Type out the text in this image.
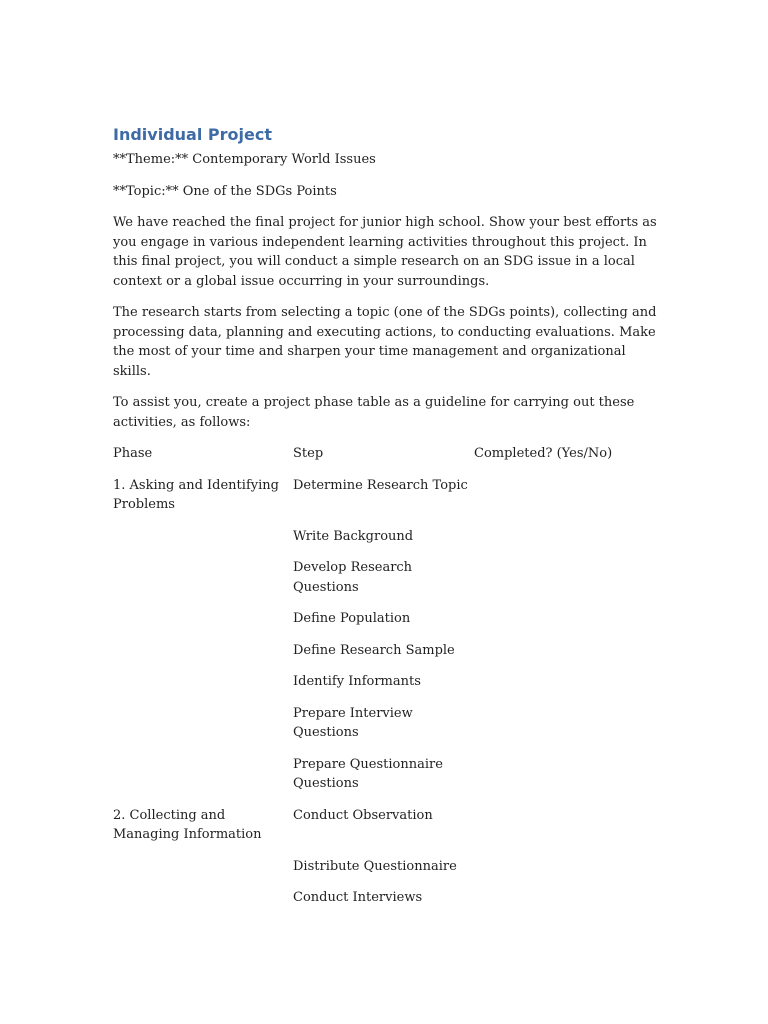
Individual Project

**Theme:** Contemporary World Issues

**Topic:** One of the SDGs Points

We have reached the final project for junior high school. Show your best efforts as you engage in various independent learning activities throughout this project. In this final project, you will conduct a simple research on an SDG issue in a local context or a global issue occurring in your surroundings.

The research starts from selecting a topic (one of the SDGs points), collecting and processing data, planning and executing actions, to conducting evaluations. Make the most of your time and sharpen your time management and organizational skills.

To assist you, create a project phase table as a guideline for carrying out these activities, as follows:

Phase	Step	Completed? (Yes/No)
1. Asking and Identifying Problems
Determine Research Topic
Write Background
Develop Research Questions
Define Population
Define Research Sample
Identify Informants
Prepare Interview Questions
Prepare Questionnaire Questions
2. Collecting and Managing Information
Conduct Observation
Distribute Questionnaire
Conduct Interviews
